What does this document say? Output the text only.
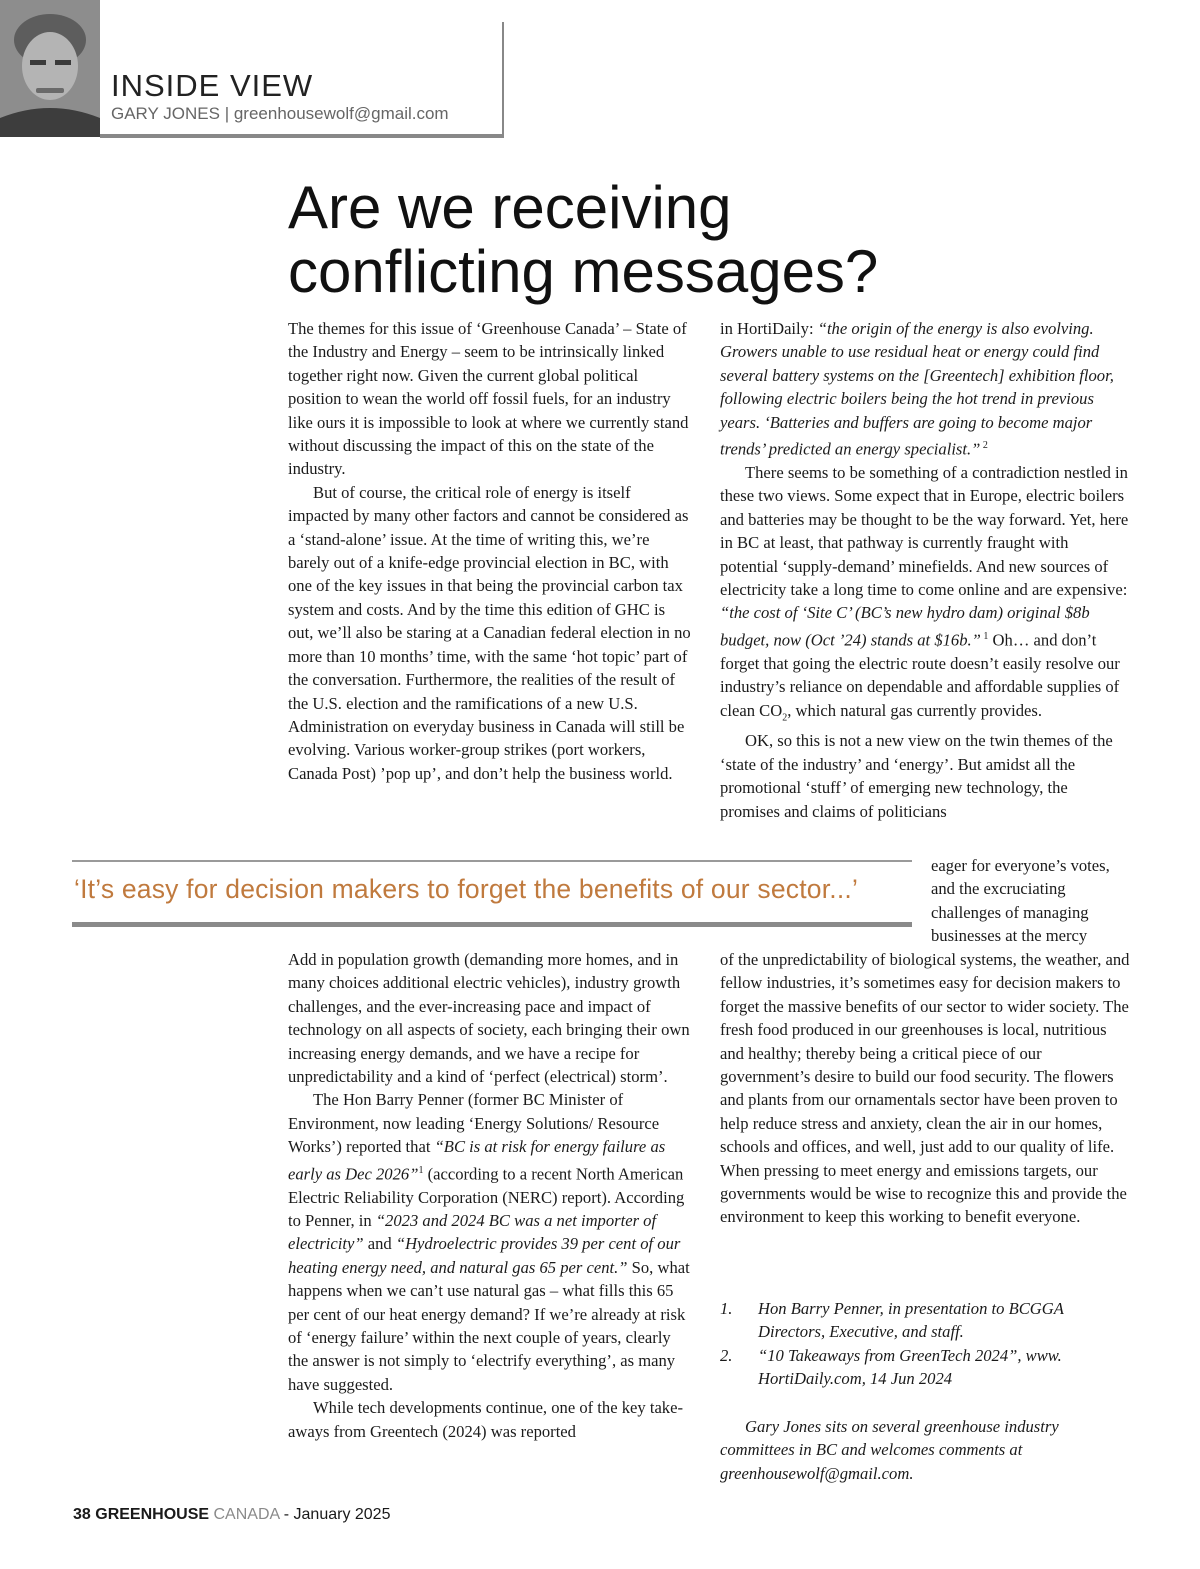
INSIDE VIEW
GARY JONES | greenhousewolf@gmail.com
Are we receiving
conflicting messages?

The themes for this issue of ‘Greenhouse Canada’ – State of the Industry and Energy – seem to be intrinsically linked together right now. Given the current global political position to wean the world off fossil fuels, for an industry like ours it is impossible to look at where we currently stand without discussing the impact of this on the state of the industry.

But of course, the critical role of energy is itself impacted by many other factors and cannot be considered as a ‘stand-alone’ issue. At the time of writing this, we’re barely out of a knife-edge provincial election in BC, with one of the key issues in that being the provincial carbon tax system and costs. And by the time this edition of GHC is out, we’ll also be staring at a Canadian federal election in no more than 10 months’ time, with the same ‘hot topic’ part of the conversation. Furthermore, the realities of the result of the U.S. election and the ramifications of a new U.S. Administration on everyday business in Canada will still be evolving. Various worker-group strikes (port workers, Canada Post) ’pop up’, and don’t help the business world.

in HortiDaily: “the origin of the energy is also evolving. Growers unable to use residual heat or energy could find several battery systems on the [Greentech] exhibition floor, following electric boilers being the hot trend in previous years. ‘Batteries and buffers are going to become major trends’ predicted an energy specialist.” $^2$

There seems to be something of a contradiction nestled in these two views. Some expect that in Europe, electric boilers and batteries may be thought to be the way forward. Yet, here in BC at least, that pathway is currently fraught with potential ‘supply-demand’ minefields. And new sources of electricity take a long time to come online and are expensive: “the cost of ‘Site C’ (BC’s new hydro dam) original $8b budget, now (Oct ’24) stands at $16b.” $^1$ Oh… and don’t forget that going the electric route doesn’t easily resolve our industry’s reliance on dependable and affordable supplies of clean $CO_2$, which natural gas currently provides.

OK, so this is not a new view on the twin themes of the ‘state of the industry’ and ‘energy’. But amidst all the promotional ‘stuff’ of emerging new technology, the promises and claims of politicians

‘It’s easy for decision makers to forget the benefits of our sector...’
eager for everyone’s votes, and the excruciating challenges of managing businesses at the mercy

Add in population growth (demanding more homes, and in many choices additional electric vehicles), industry growth challenges, and the ever-increasing pace and impact of technology on all aspects of society, each bringing their own increasing energy demands, and we have a recipe for unpredictability and a kind of ‘perfect (electrical) storm’.

The Hon Barry Penner (former BC Minister of Environment, now leading ‘Energy Solutions/ Resource Works’) reported that “BC is at risk for energy failure as early as Dec 2026”$^1$ (according to a recent North American Electric Reliability Corporation (NERC) report). According to Penner, in “2023 and 2024 BC was a net importer of electricity” and “Hydroelectric provides 39 per cent of our heating energy need, and natural gas 65 per cent.” So, what happens when we can’t use natural gas – what fills this 65 per cent of our heat energy demand? If we’re already at risk of ‘energy failure’ within the next couple of years, clearly the answer is not simply to ‘electrify everything’, as many have suggested.

While tech developments continue, one of the key take-aways from Greentech (2024) was reported

of the unpredictability of biological systems, the weather, and fellow industries, it’s sometimes easy for decision makers to forget the massive benefits of our sector to wider society. The fresh food produced in our greenhouses is local, nutritious and healthy; thereby being a critical piece of our government’s desire to build our food security. The flowers and plants from our ornamentals sector have been proven to help reduce stress and anxiety, clean the air in our homes, schools and offices, and well, just add to our quality of life. When pressing to meet energy and emissions targets, our governments would be wise to recognize this and provide the environment to keep this working to benefit everyone.

1. Hon Barry Penner, in presentation to BCGGA Directors, Executive, and staff.
2. “10 Takeaways from GreenTech 2024”, www. HortiDaily.com, 14 Jun 2024
Gary Jones sits on several greenhouse industry committees in BC and welcomes comments at greenhousewolf@gmail.com.
38 GREENHOUSE CANADA - January 2025
